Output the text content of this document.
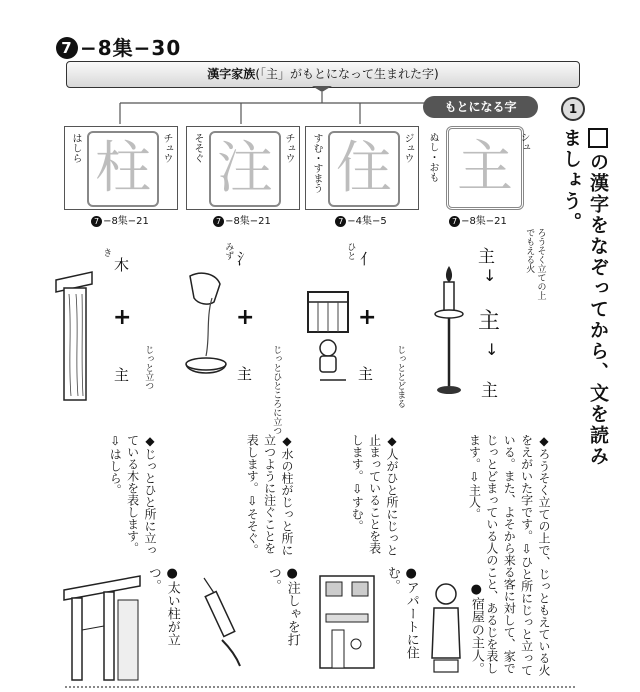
7 −8集−30
漢字家族(「主」がもとになって生まれた字)
もとになる字	1
の漢字をなぞってから、文を読みましょう。
ぬし・おも 主 シュ
すむ・すまう 住	ジュウ
そそぐ 注	チュウ
はしら 柱	チュウ
7 −8集−21
7 −4集−5
7 −8集−21
7 −8集−21
ろうそく立ての上でもえる火
主
↓
主
↓
主
亻
ひと
+
主 じっととどまる
氵
みず
+
主 じっとひところに立つ
木
き
+
主 じっと立つ
◆ろうそく立ての上で、じっともえている火をえがいた字です。⇩ひと所にじっと立っている。また、よそから来る客に対して、家でじっとどまっている人のこと、あるじを表します。⇩主人。
◆人がひと所にじっと止まっていることを表します。⇩すむ。
◆水の柱がじっと所に立つように注ぐことを表します。⇩そそぐ。
◆じっとひと所に立っている木を表します。⇩はしら。
●宿屋の主人。
●アパートに住む。
●注しゃを打つ。
●太い柱が立つ。
